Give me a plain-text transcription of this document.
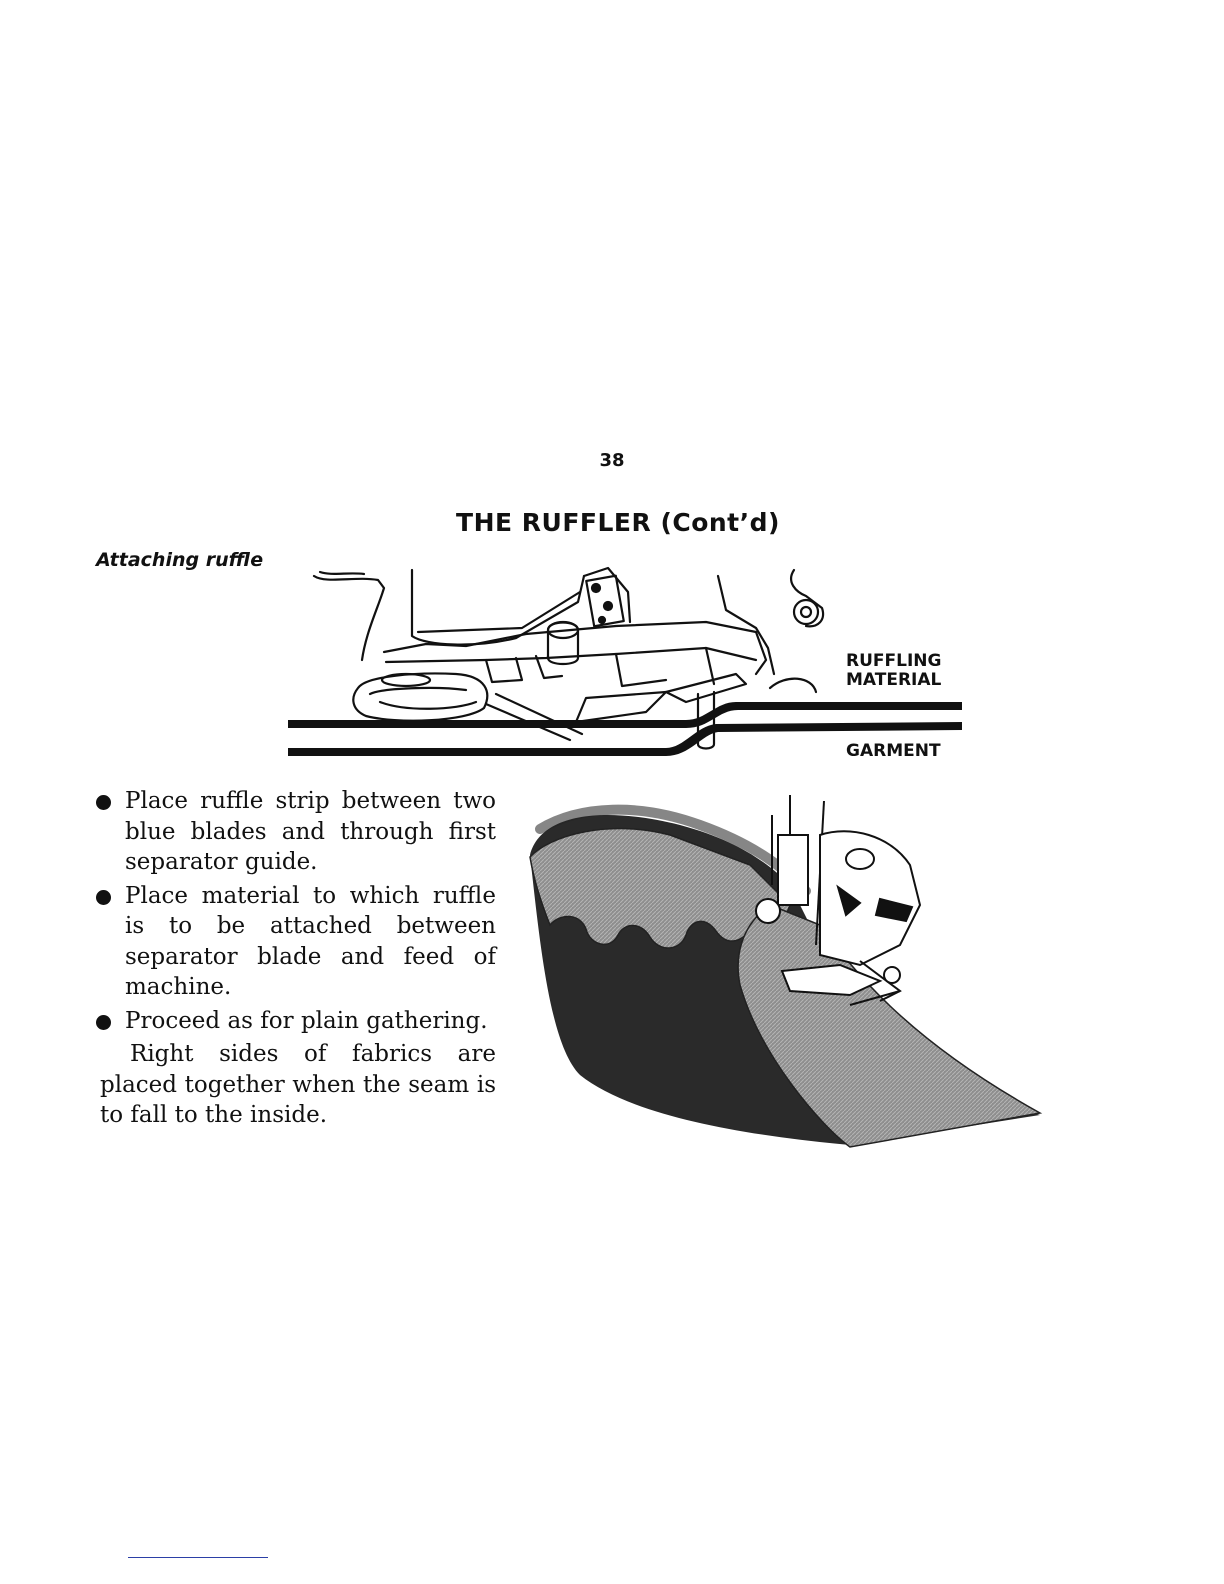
38
THE RUFFLER (Cont’d)
Attaching ruffle
RUFFLING
MATERIAL
GARMENT
Place ruffle strip between two blue blades and through first separator guide.
Place material to which ruffle is to be attached between separator blade and feed of machine.
Proceed as for plain gathering.

Right sides of fabrics are placed together when the seam is to fall to the inside.
